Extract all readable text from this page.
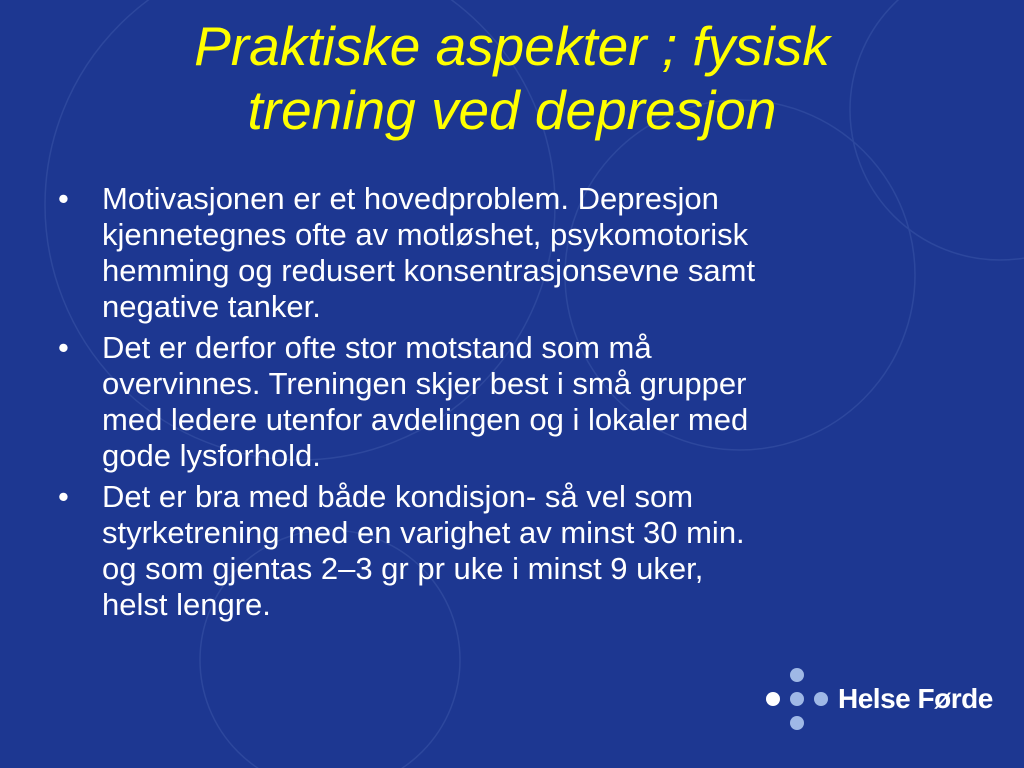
Praktiske aspekter ; fysisk
trening ved depresjon
•	Motivasjonen er et hovedproblem. Depresjon
kjennetegnes ofte av motløshet, psykomotorisk
hemming og redusert konsentrasjonsevne samt
negative tanker.
•	Det er derfor ofte stor motstand som må
overvinnes. Treningen skjer best i små grupper
med ledere utenfor avdelingen og i lokaler med
gode lysforhold.
•	Det er bra med både kondisjon- så vel som
styrketrening med en varighet av minst 30 min.
og som gjentas 2–3 gr pr uke i minst 9 uker,
helst lengre.
Helse Førde
